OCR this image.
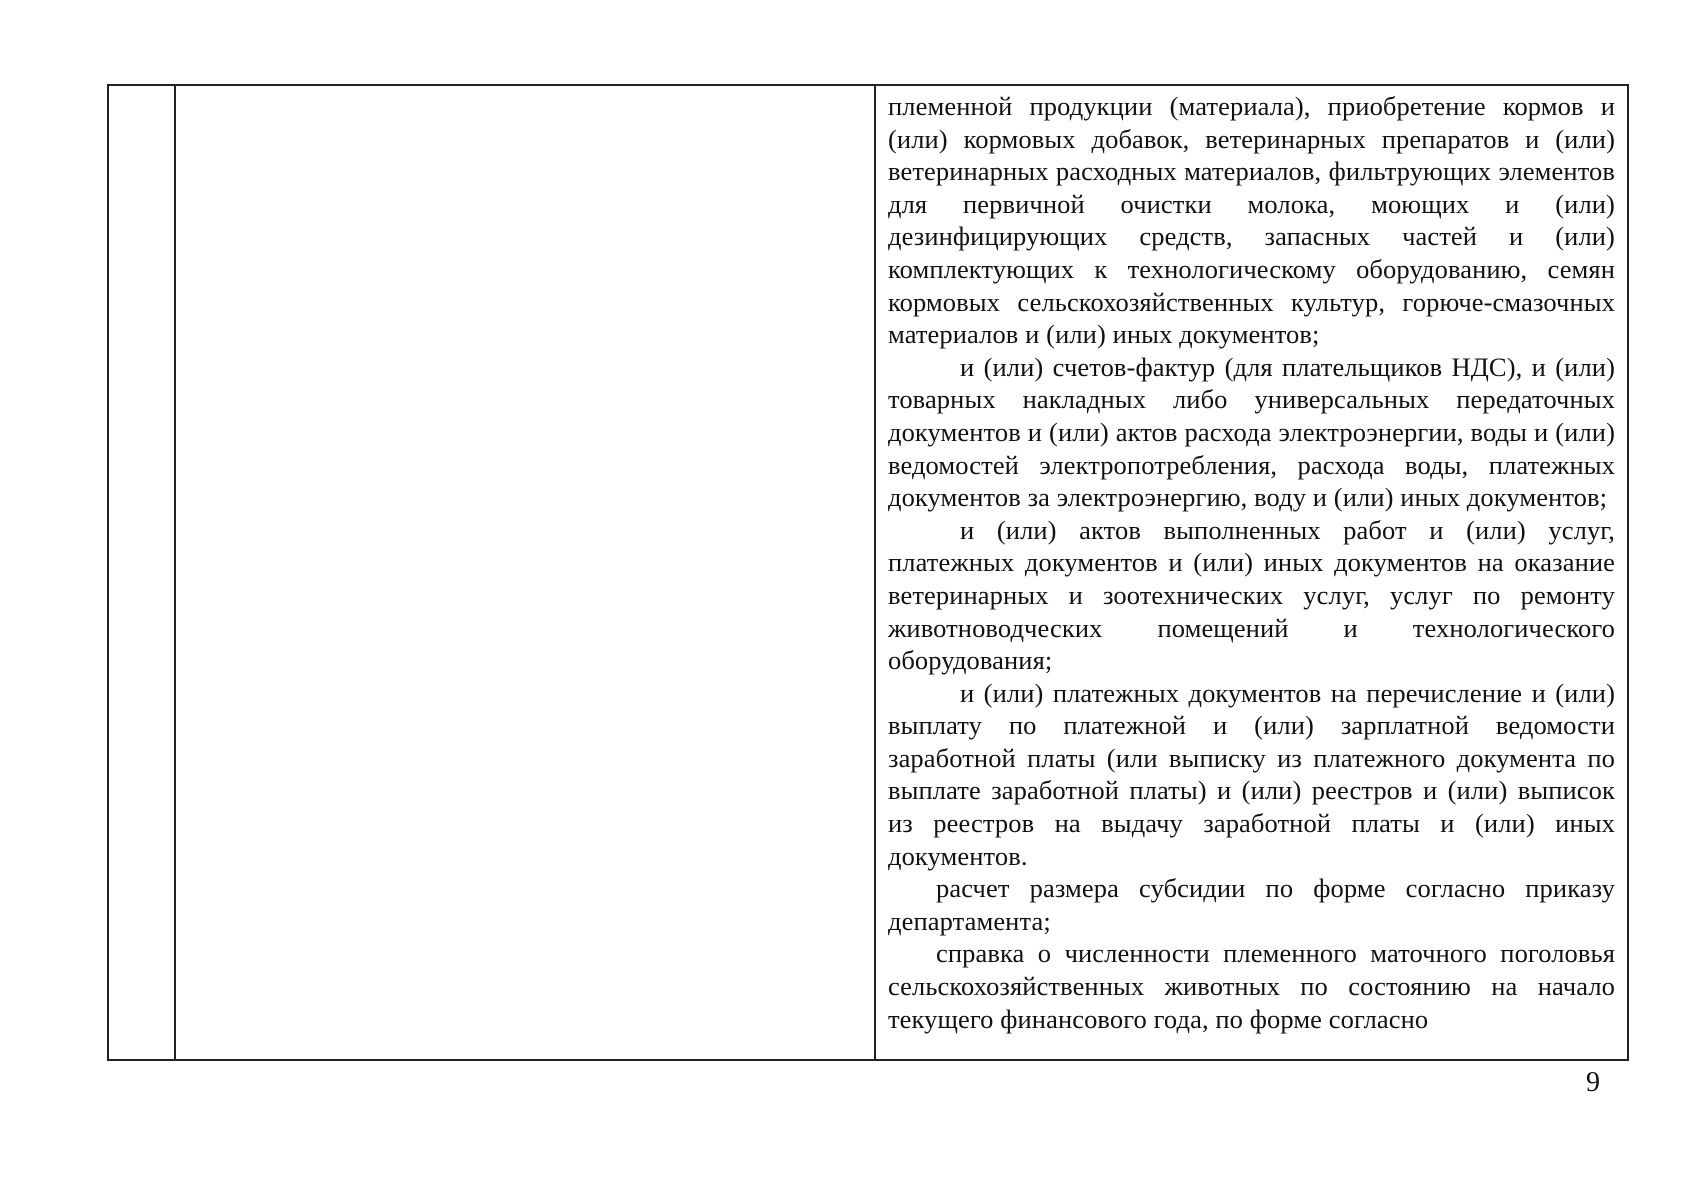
племенной продукции (материала), приобретение кормов и (или) кормовых добавок, ветеринарных препаратов и (или) ветеринарных расходных материалов, фильтрующих элементов для первичной очистки молока, моющих и (или) дезинфицирующих средств, запасных частей и (или) комплектующих к технологическому оборудованию, семян кормовых сельскохозяйственных культур, горюче-смазочных материалов и (или) иных документов;

и (или) счетов-фактур (для плательщиков НДС), и (или) товарных накладных либо универсальных передаточных документов и (или) актов расхода электроэнергии, воды и (или) ведомостей электропотребления, расхода воды, платежных документов за электроэнергию, воду и (или) иных документов;

и (или) актов выполненных работ и (или) услуг, платежных документов и (или) иных документов на оказание ветеринарных и зоотехнических услуг, услуг по ремонту животноводческих помещений и технологического оборудования;

и (или) платежных документов на перечисление и (или) выплату по платежной и (или) зарплатной ведомости заработной платы (или выписку из платежного документа по выплате заработной платы) и (или) реестров и (или) выписок из реестров на выдачу заработной платы и (или) иных документов.

расчет размера субсидии по форме согласно приказу департамента;

справка о численности племенного маточного поголовья сельскохозяйственных животных по состоянию на начало текущего финансового года, по форме согласно

9
